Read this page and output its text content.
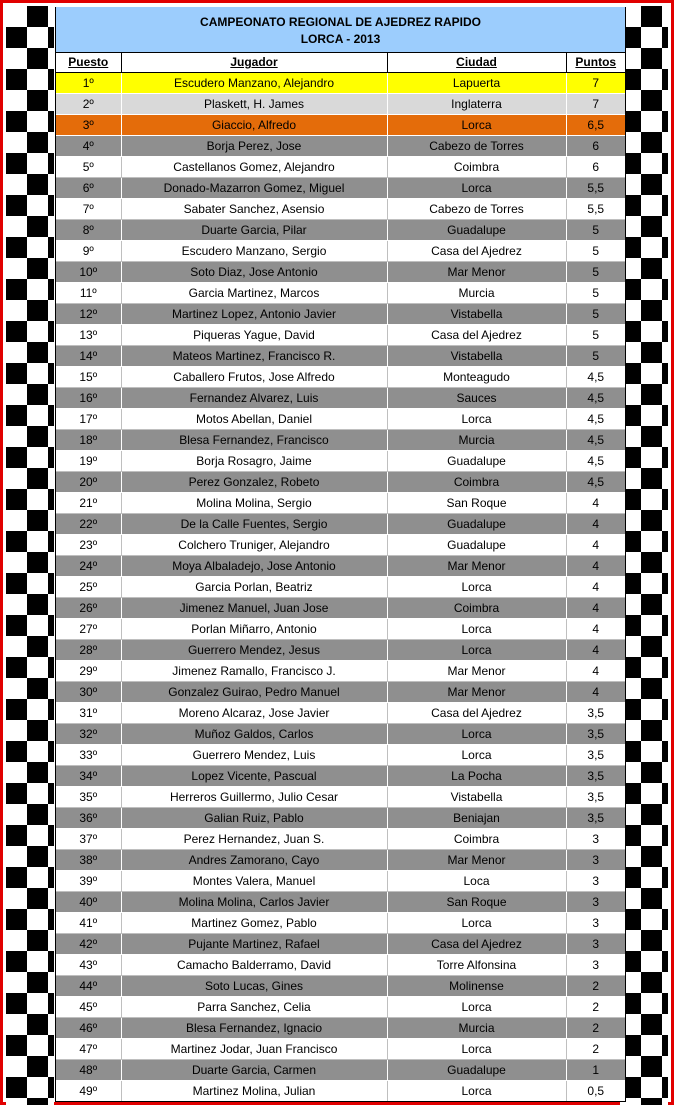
CAMPEONATO REGIONAL DE AJEDREZ RAPIDO
LORCA - 2013
Puesto	Jugador	Ciudad	Puntos
1º	Escudero Manzano, Alejandro	Lapuerta	7
2º	Plaskett, H. James	Inglaterra	7
3º	Giaccio, Alfredo	Lorca	6,5
4º	Borja Perez, Jose	Cabezo de Torres	6
5º	Castellanos Gomez, Alejandro	Coimbra	6
6º	Donado-Mazarron Gomez, Miguel	Lorca	5,5
7º	Sabater Sanchez, Asensio	Cabezo de Torres	5,5
8º	Duarte Garcia, Pilar	Guadalupe	5
9º	Escudero Manzano, Sergio	Casa del Ajedrez	5
10º	Soto Diaz, Jose Antonio	Mar Menor	5
11º	Garcia Martinez, Marcos	Murcia	5
12º	Martinez Lopez, Antonio Javier	Vistabella	5
13º	Piqueras Yague, David	Casa del Ajedrez	5
14º	Mateos Martinez, Francisco R.	Vistabella	5
15º	Caballero Frutos, Jose Alfredo	Monteagudo	4,5
16º	Fernandez Alvarez, Luis	Sauces	4,5
17º	Motos Abellan, Daniel	Lorca	4,5
18º	Blesa Fernandez, Francisco	Murcia	4,5
19º	Borja Rosagro, Jaime	Guadalupe	4,5
20º	Perez Gonzalez, Robeto	Coimbra	4,5
21º	Molina Molina, Sergio	San Roque	4
22º	De la Calle Fuentes, Sergio	Guadalupe	4
23º	Colchero Truniger, Alejandro	Guadalupe	4
24º	Moya Albaladejo, Jose Antonio	Mar Menor	4
25º	Garcia Porlan, Beatriz	Lorca	4
26º	Jimenez Manuel, Juan Jose	Coimbra	4
27º	Porlan Miñarro, Antonio	Lorca	4
28º	Guerrero Mendez, Jesus	Lorca	4
29º	Jimenez Ramallo, Francisco J.	Mar Menor	4
30º	Gonzalez Guirao, Pedro Manuel	Mar Menor	4
31º	Moreno Alcaraz, Jose Javier	Casa del Ajedrez	3,5
32º	Muñoz Galdos, Carlos	Lorca	3,5
33º	Guerrero Mendez, Luis	Lorca	3,5
34º	Lopez Vicente, Pascual	La Pocha	3,5
35º	Herreros Guillermo, Julio Cesar	Vistabella	3,5
36º	Galian Ruiz, Pablo	Beniajan	3,5
37º	Perez Hernandez, Juan S.	Coimbra	3
38º	Andres Zamorano, Cayo	Mar Menor	3
39º	Montes Valera, Manuel	Loca	3
40º	Molina Molina, Carlos Javier	San Roque	3
41º	Martinez Gomez, Pablo	Lorca	3
42º	Pujante Martinez, Rafael	Casa del Ajedrez	3
43º	Camacho Balderramo, David	Torre Alfonsina	3
44º	Soto Lucas, Gines	Molinense	2
45º	Parra Sanchez, Celia	Lorca	2
46º	Blesa Fernandez, Ignacio	Murcia	2
47º	Martinez Jodar, Juan Francisco	Lorca	2
48º	Duarte Garcia, Carmen	Guadalupe	1
49º	Martinez Molina, Julian	Lorca	0,5
